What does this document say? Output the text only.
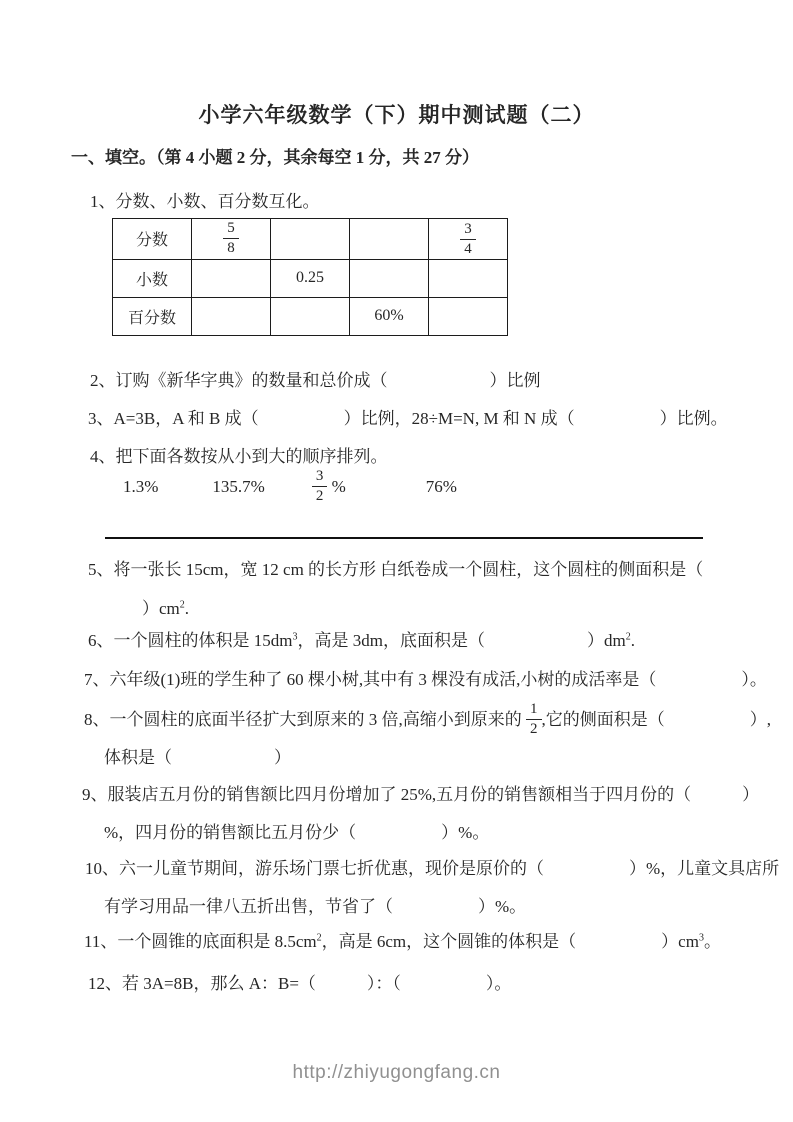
小学六年级数学（下）期中测试题（二）
一、填空。（第 4 小题 2 分，其余每空 1 分，共 27 分）
1、分数、小数、百分数互化。
分数	$\frac{5}{8}$			$\frac{3}{4}$

小数		0.25		
百分数			60%	
2、订购《新华字典》的数量和总价成（　　　　　　）比例
3、A=3B，A 和 B 成（　　　　　）比例，28÷M=N, M 和 N 成（　　　　　）比例。
4、把下面各数按从小到大的顺序排列。
1.3%	135.7%	$\frac{3}{2}$ %	76%
5、将一张长 15cm，宽 12 cm 的长方形 白纸卷成一个圆柱，这个圆柱的侧面积是（
）$cm^2$.
6、一个圆柱的体积是 $15dm^3$，高是 3dm，底面积是（　　　　　　）$dm^2$.
7、六年级(1)班的学生种了 60 棵小树,其中有 3 棵没有成活,小树的成活率是（　　　　　）。
8、一个圆柱的底面半径扩大到原来的 3 倍,高缩小到原来的 $\frac{1}{2}$ ,它的侧面积是（　　　　　）,
体积是（　　　　　　）
9、服装店五月份的销售额比四月份增加了 25%,五月份的销售额相当于四月份的（　　　）
%，四月份的销售额比五月份少（　　　　　）%。
10、六一儿童节期间，游乐场门票七折优惠，现价是原价的（　　　　　）%，儿童文具店所
有学习用品一律八五折出售，节省了（　　　　　）%。
11、一个圆锥的底面积是 $8.5cm^2$，高是 6cm，这个圆锥的体积是（　　　　　）$cm^3$。
12、若 3A=8B，那么 A：B=（　　　）：（　　　　　）。
http://zhiyugongfang.cn
